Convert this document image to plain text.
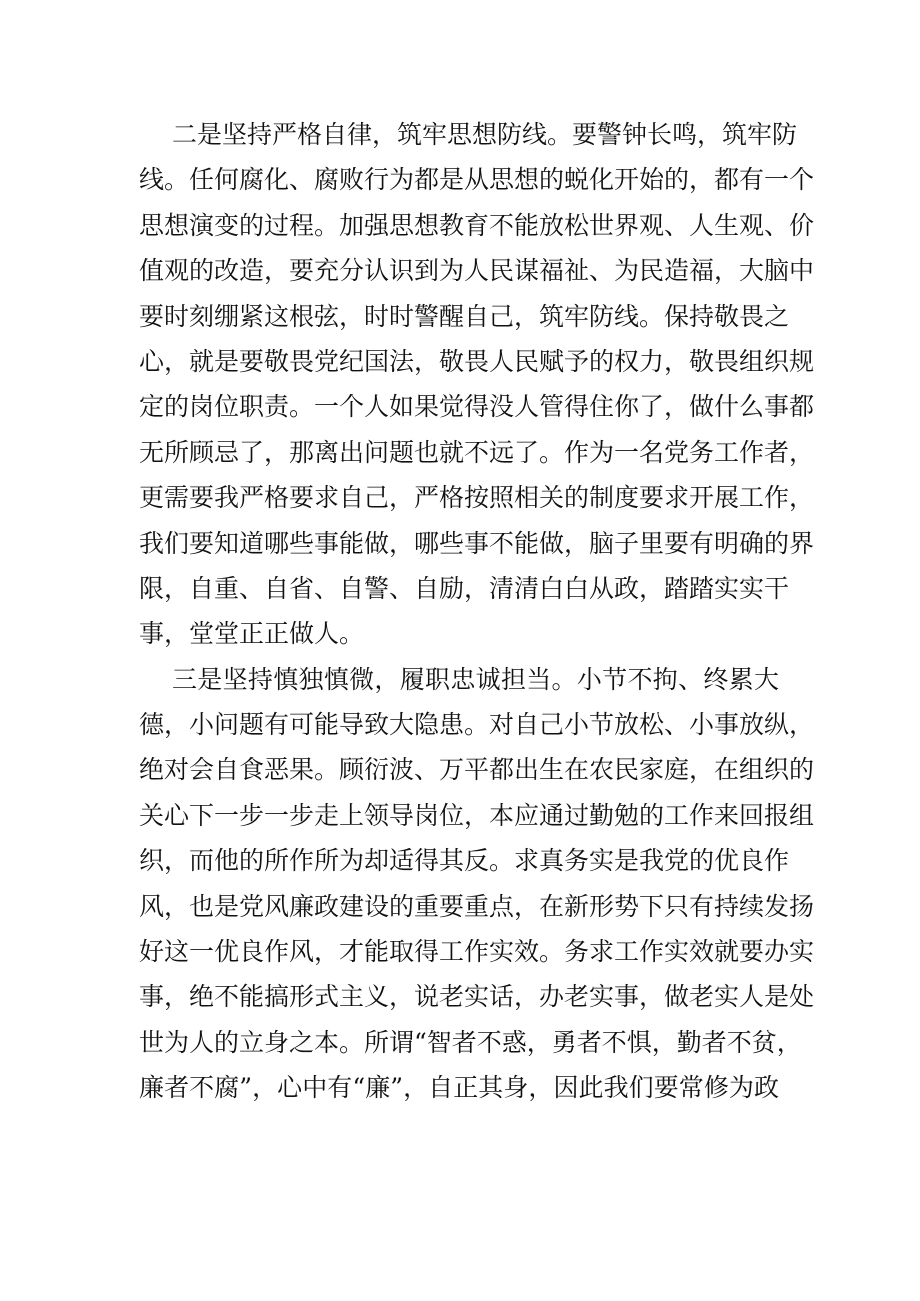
二是坚持严格自律，筑牢思想防线。要警钟长鸣，筑牢防
线。任何腐化、腐败行为都是从思想的蜕化开始的，都有一个
思想演变的过程。加强思想教育不能放松世界观、人生观、价
值观的改造，要充分认识到为人民谋福祉、为民造福，大脑中
要时刻绷紧这根弦，时时警醒自己，筑牢防线。保持敬畏之
心，就是要敬畏党纪国法，敬畏人民赋予的权力，敬畏组织规
定的岗位职责。一个人如果觉得没人管得住你了，做什么事都
无所顾忌了，那离出问题也就不远了。作为一名党务工作者，
更需要我严格要求自己，严格按照相关的制度要求开展工作，
我们要知道哪些事能做，哪些事不能做，脑子里要有明确的界
限，自重、自省、自警、自励，清清白白从政，踏踏实实干
事，堂堂正正做人。
三是坚持慎独慎微，履职忠诚担当。小节不拘、终累大
德，小问题有可能导致大隐患。对自己小节放松、小事放纵，
绝对会自食恶果。顾衍波、万平都出生在农民家庭，在组织的
关心下一步一步走上领导岗位，本应通过勤勉的工作来回报组
织，而他的所作所为却适得其反。求真务实是我党的优良作
风，也是党风廉政建设的重要重点，在新形势下只有持续发扬
好这一优良作风，才能取得工作实效。务求工作实效就要办实
事，绝不能搞形式主义，说老实话，办老实事，做老实人是处
世为人的立身之本。所谓“智者不惑，勇者不惧，勤者不贫，
廉者不腐”，心中有“廉”，自正其身，因此我们要常修为政
